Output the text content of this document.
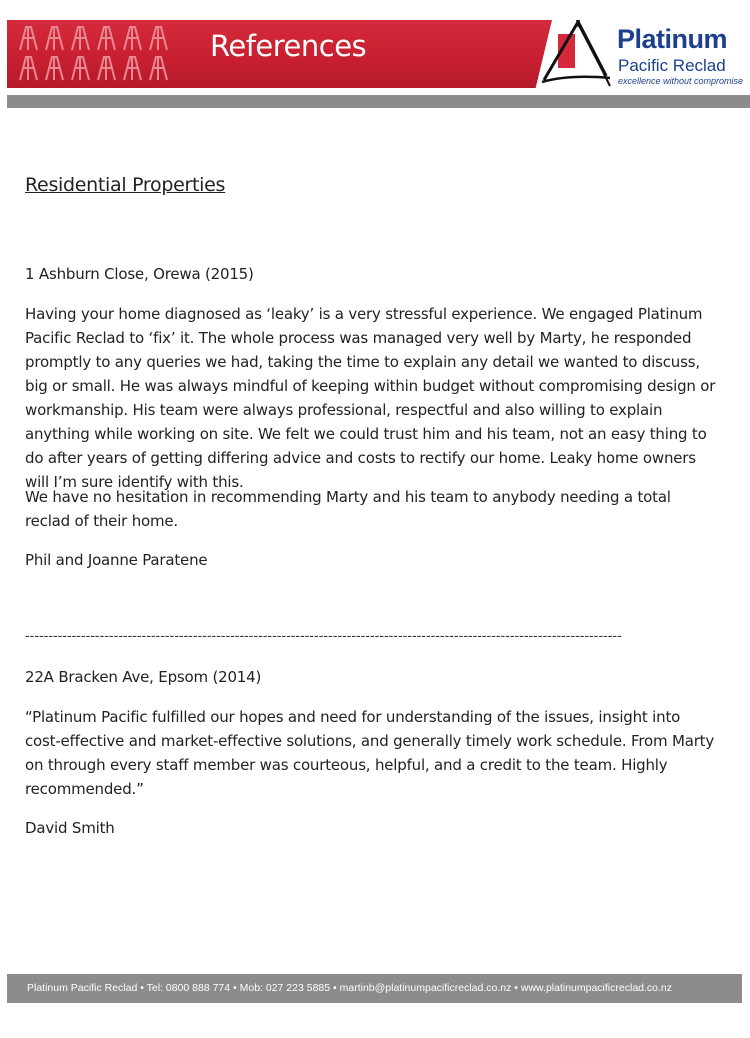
References	Platinum
Pacific Reclad
excellence without compromise
Residential Properties

1 Ashburn Close, Orewa (2015)

Having your home diagnosed as ‘leaky’ is a very stressful experience. We engaged Platinum Pacific Reclad to ‘fix’ it. The whole process was managed very well by Marty, he responded promptly to any queries we had, taking the time to explain any detail we wanted to discuss, big or small. He was always mindful of keeping within budget without compromising design or workmanship. His team were always professional, respectful and also willing to explain anything while working on site. We felt we could trust him and his team, not an easy thing to do after years of getting differing advice and costs to rectify our home. Leaky home owners will I’m sure identify with this.

We have no hesitation in recommending Marty and his team to anybody needing a total reclad of their home.

Phil and Joanne Paratene

22A Bracken Ave, Epsom (2014)

“Platinum Pacific fulfilled our hopes and need for understanding of the issues, insight into cost-effective and market-effective solutions, and generally timely work schedule. From Marty on through every staff member was courteous, helpful, and a credit to the team. Highly recommended.”

David Smith

--------------------------------------------------------------------------------------------------------------------------------
Platinum Pacific Reclad • Tel: 0800 888 774 • Mob: 027 223 5885 • martinb@platinumpacificreclad.co.nz • www.platinumpacificreclad.co.nz
